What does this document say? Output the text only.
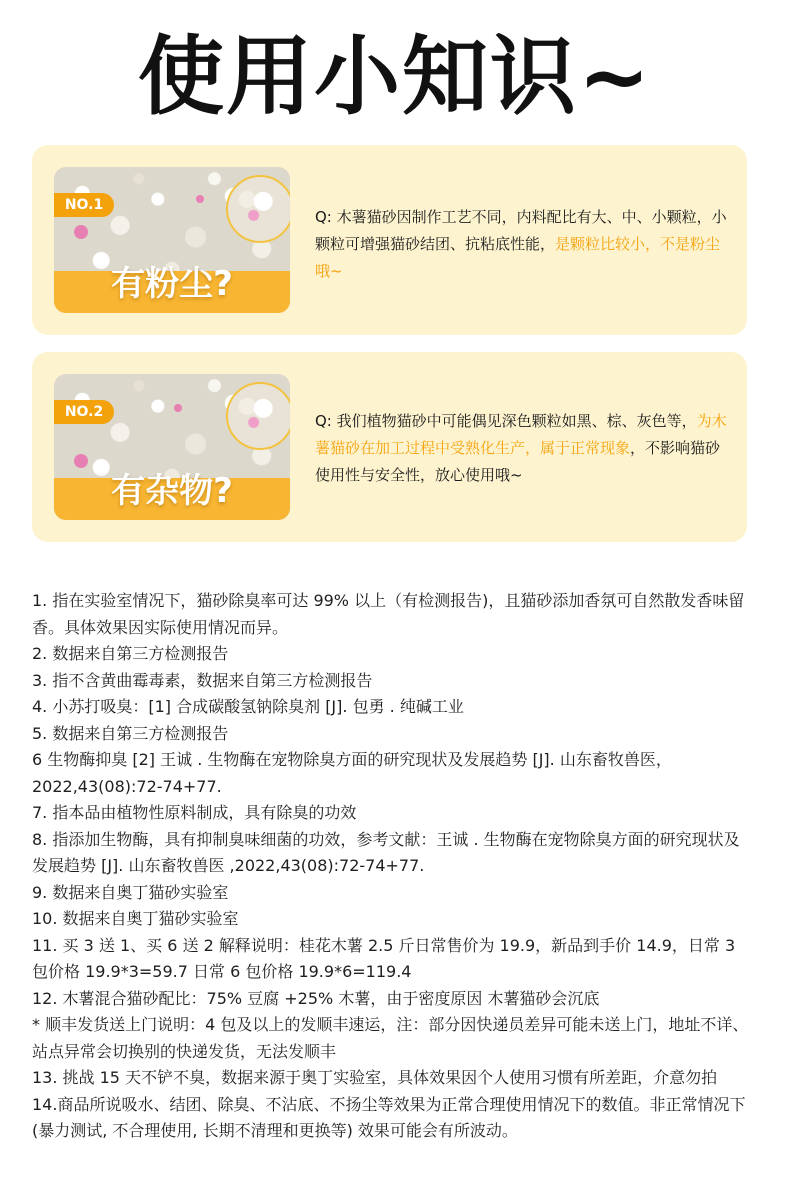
使用小知识~
NO.1
有粉尘?
Q: 木薯猫砂因制作工艺不同，内料配比有大、中、小颗粒，小颗粒可增强猫砂结团、抗粘底性能，是颗粒比较小，不是粉尘哦~
NO.2
有杂物?
Q: 我们植物猫砂中可能偶见深色颗粒如黑、棕、灰色等，为木薯猫砂在加工过程中受熟化生产，属于正常现象，不影响猫砂使用性与安全性，放心使用哦~

1. 指在实验室情况下，猫砂除臭率可达 99% 以上（有检测报告)，且猫砂添加香氛可自然散发香味留香。具体效果因实际使用情况而异。

2. 数据来自第三方检测报告

3. 指不含黄曲霉毒素，数据来自第三方检测报告

4. 小苏打吸臭：[1] 合成碳酸氢钠除臭剂 [J]. 包勇 . 纯碱工业

5. 数据来自第三方检测报告

6 生物酶抑臭 [2] 王诚 . 生物酶在宠物除臭方面的研究现状及发展趋势 [J]. 山东畜牧兽医，2022,43(08):72-74+77.

7. 指本品由植物性原料制成，具有除臭的功效

8. 指添加生物酶，具有抑制臭味细菌的功效，参考文献：王诚 . 生物酶在宠物除臭方面的研究现状及发展趋势 [J]. 山东畜牧兽医 ,2022,43(08):72-74+77.

9. 数据来自奥丁猫砂实验室

10. 数据来自奥丁猫砂实验室

11. 买 3 送 1、买 6 送 2 解释说明：桂花木薯 2.5 斤日常售价为 19.9，新品到手价 14.9，日常 3 包价格 19.9*3=59.7 日常 6 包价格 19.9*6=119.4

12. 木薯混合猫砂配比：75% 豆腐 +25% 木薯，由于密度原因 木薯猫砂会沉底

* 顺丰发货送上门说明：4 包及以上的发顺丰速运，注：部分因快递员差异可能未送上门，地址不详、站点异常会切换别的快递发货，无法发顺丰

13. 挑战 15 天不铲不臭，数据来源于奥丁实验室，具体效果因个人使用习惯有所差距，介意勿拍

14.商品所说吸水、结团、除臭、不沾底、不扬尘等效果为正常合理使用情况下的数值。非正常情况下 (暴力测试, 不合理使用, 长期不清理和更换等) 效果可能会有所波动。
